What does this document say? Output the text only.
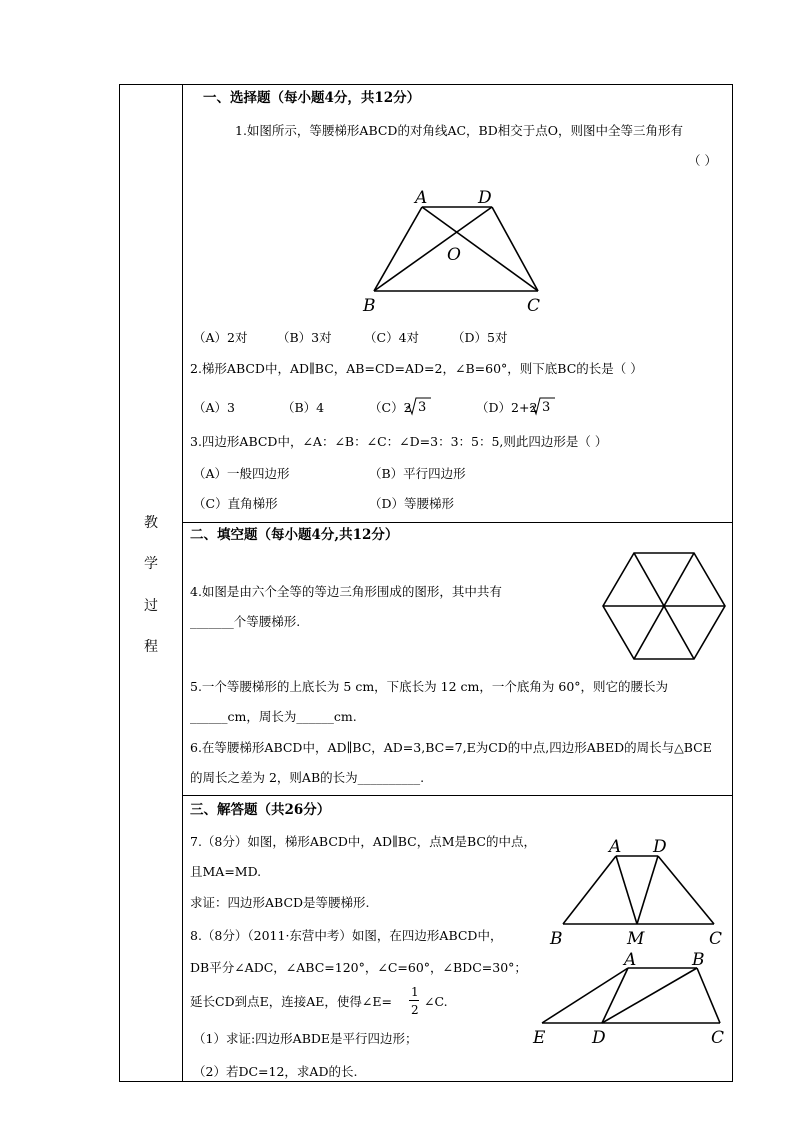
教
学
过
程
一、选择题（每小题4分，共12分）
1.如图所示，等腰梯形ABCD的对角线AC，BD相交于点O，则图中全等三角形有
（ ）
A	D
O
B	C
（A）2对 （B）3对	（C）4对	（D）5对
2.梯形ABCD中，AD∥BC，AB=CD=AD=2，∠B=60°，则下底BC的长是（ ）
（A）3	（B）4	（C）2	（D）2+2
3	3
3.四边形ABCD中，∠A：∠B：∠C：∠D=3：3：5：5,则此四边形是（ ）
（A）一般四边形	（B）平行四边形
（C）直角梯形	（D）等腰梯形
二、填空题（每小题4分,共12分）
4.如图是由六个全等的等边三角形围成的图形，其中共有
_______个等腰梯形.
5.一个等腰梯形的上底长为 5 cm，下底长为 12 cm，一个底角为 60°，则它的腰长为
______cm，周长为______cm.
6.在等腰梯形ABCD中，AD∥BC，AD=3,BC=7,E为CD的中点,四边形ABED的周长与△BCE
的周长之差为 2，则AB的长为__________.
三、解答题（共26分）
7.（8分）如图，梯形ABCD中，AD∥BC，点M是BC的中点，
且MA=MD.
求证：四边形ABCD是等腰梯形.
A D
B	M	C
8.（8分）（2011·东营中考）如图，在四边形ABCD中，
DB平分∠ADC，∠ABC=120°，∠C=60°，∠BDC=30°；
延长CD到点E，连接AE，使得∠E=
1
2
∠C.
（1）求证:四边形ABDE是平行四边形；
（2）若DC=12，求AD的长.
A	B
E	D	C
